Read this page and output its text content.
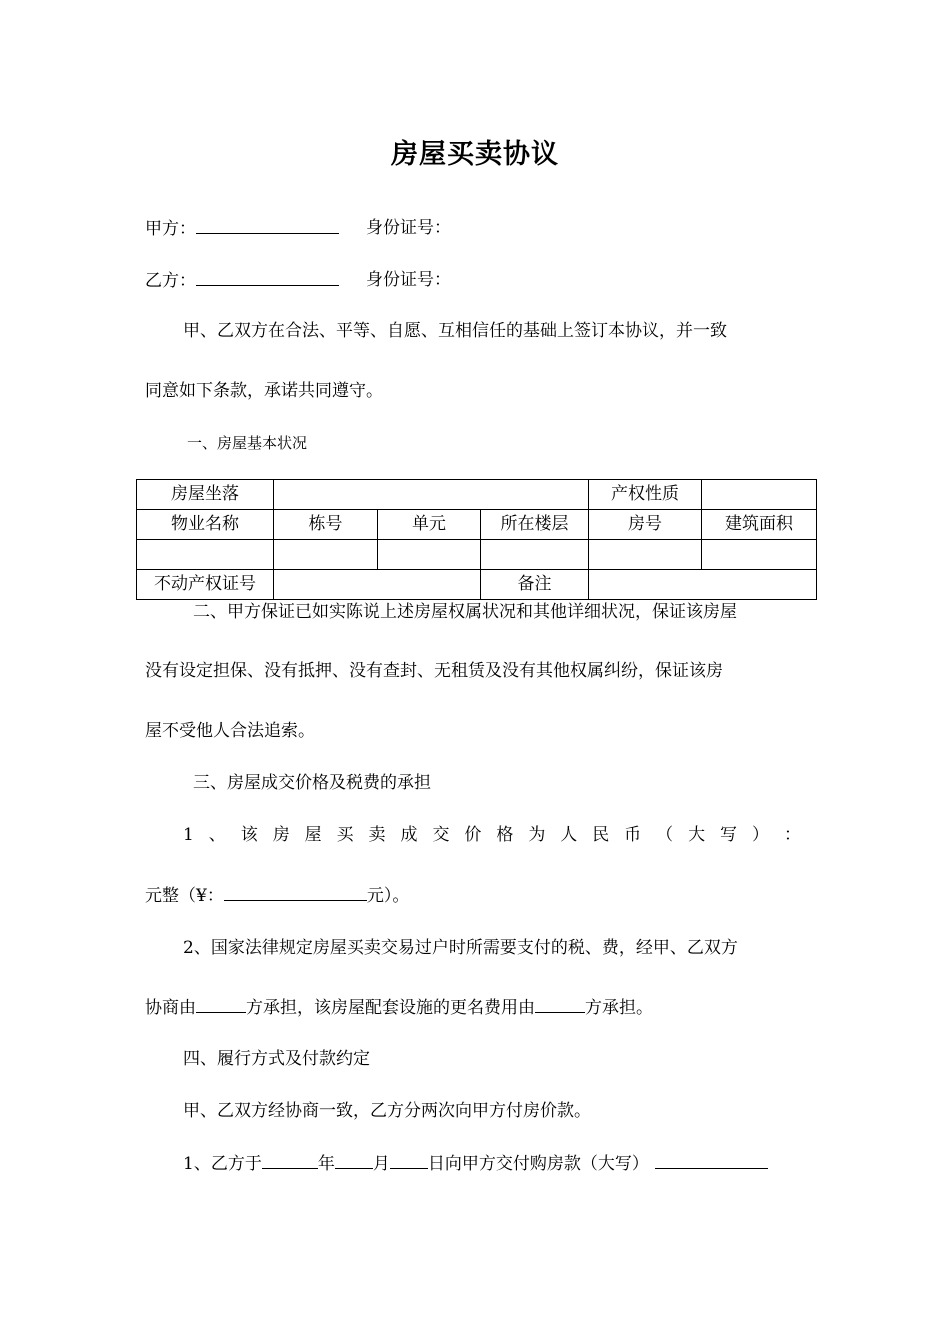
房屋买卖协议
甲方：	身份证号：
乙方：	身份证号：
甲、乙双方在合法、平等、自愿、互相信任的基础上签订本协议，并一致
同意如下条款，承诺共同遵守。
一、房屋基本状况
房屋坐落				产权性质	
物业名称	栋号	单元	所在楼层	房号	建筑面积

不动产权证号			备注		
二、甲方保证已如实陈说上述房屋权属状况和其他详细状况，保证该房屋
没有设定担保、没有抵押、没有查封、无租赁及没有其他权属纠纷，保证该房
屋不受他人合法追索。
三、房屋成交价格及税费的承担
1 、 该 房 屋 买 卖 成 交 价 格 为 人 民 币 （ 大 写 ） ：
元整（¥：	元）。
2、国家法律规定房屋买卖交易过户时所需要支付的税、费，经甲、乙双方
协商由	方承担，该房屋配套设施的更名费用由	方承担。
四、履行方式及付款约定
甲、乙双方经协商一致，乙方分两次向甲方付房价款。
1、乙方于	年 月 日向甲方交付购房款（大写）
